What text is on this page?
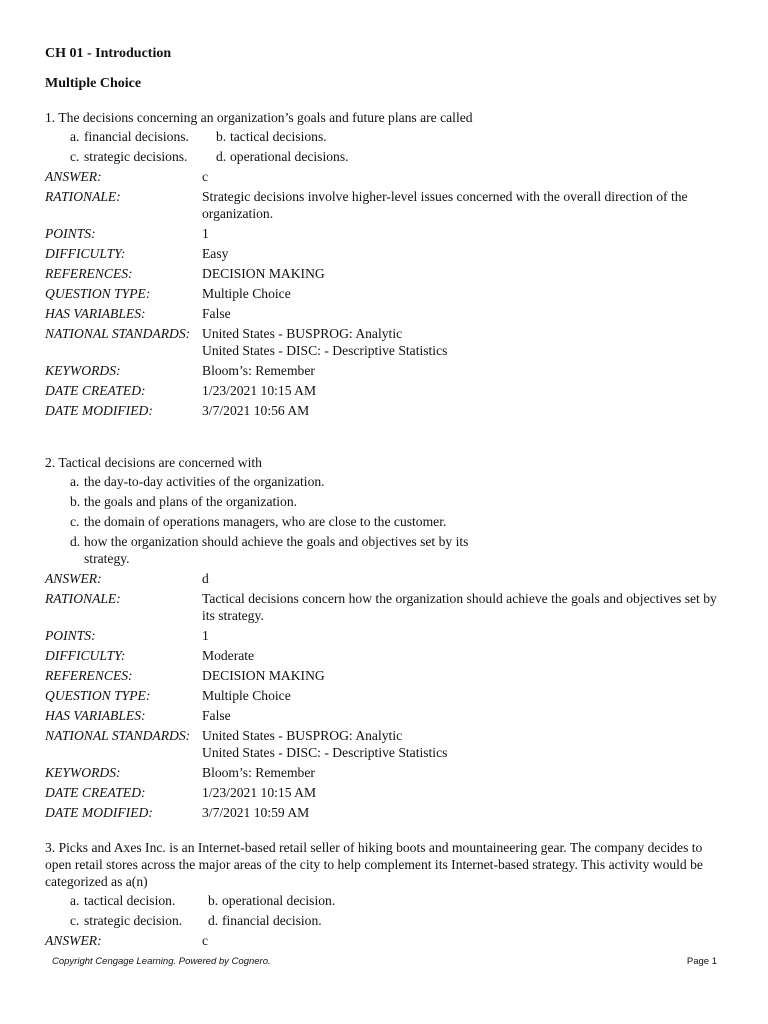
CH 01 - Introduction
Multiple Choice
1. The decisions concerning an organization’s goals and future plans are called
a. financial decisions.	b. tactical decisions.
c. strategic decisions.	d. operational decisions.
ANSWER:	c
RATIONALE:	Strategic decisions involve higher-level issues concerned with the overall direction of the organization.
POINTS:	1
DIFFICULTY:	Easy
REFERENCES:	DECISION MAKING
QUESTION TYPE:	Multiple Choice
HAS VARIABLES:	False
NATIONAL STANDARDS: United States - BUSPROG: Analytic
United States - DISC: - Descriptive Statistics
KEYWORDS:	Bloom’s: Remember
DATE CREATED:	1/23/2021 10:15 AM
DATE MODIFIED:	3/7/2021 10:56 AM
2. Tactical decisions are concerned with
a. the day-to-day activities of the organization.
b. the goals and plans of the organization.
c. the domain of operations managers, who are close to the customer.
d. how the organization should achieve the goals and objectives set by its strategy.
ANSWER:	d
RATIONALE:	Tactical decisions concern how the organization should achieve the goals and objectives set by its strategy.
POINTS:	1
DIFFICULTY:	Moderate
REFERENCES:	DECISION MAKING
QUESTION TYPE:	Multiple Choice
HAS VARIABLES:	False
NATIONAL STANDARDS: United States - BUSPROG: Analytic
United States - DISC: - Descriptive Statistics
KEYWORDS:	Bloom’s: Remember
DATE CREATED:	1/23/2021 10:15 AM
DATE MODIFIED:	3/7/2021 10:59 AM
3. Picks and Axes Inc. is an Internet-based retail seller of hiking boots and mountaineering gear. The company decides to open retail stores across the major areas of the city to help complement its Internet-based strategy. This activity would be categorized as a(n)
a. tactical decision.	b. operational decision.
c. strategic decision.	d. financial decision.
ANSWER:	c
Copyright Cengage Learning. Powered by Cognero.	Page 1
